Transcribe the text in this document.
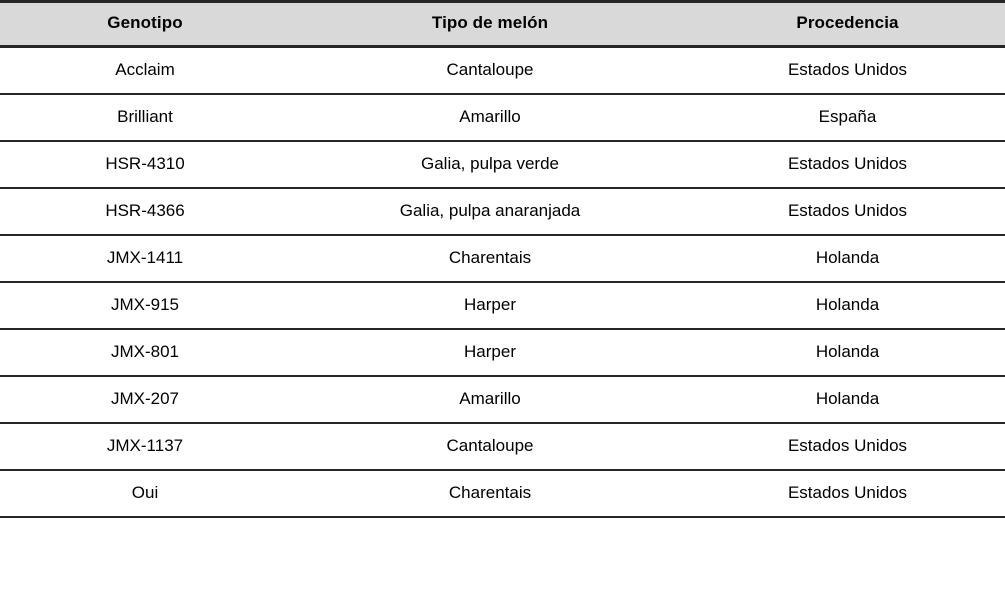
Genotipo	Tipo de melón	Procedencia
Acclaim	Cantaloupe	Estados Unidos
Brilliant	Amarillo	España
HSR-4310	Galia, pulpa verde	Estados Unidos
HSR-4366	Galia, pulpa anaranjada	Estados Unidos
JMX-1411	Charentais	Holanda
JMX-915	Harper	Holanda
JMX-801	Harper	Holanda
JMX-207	Amarillo	Holanda
JMX-1137	Cantaloupe	Estados Unidos
Oui	Charentais	Estados Unidos
